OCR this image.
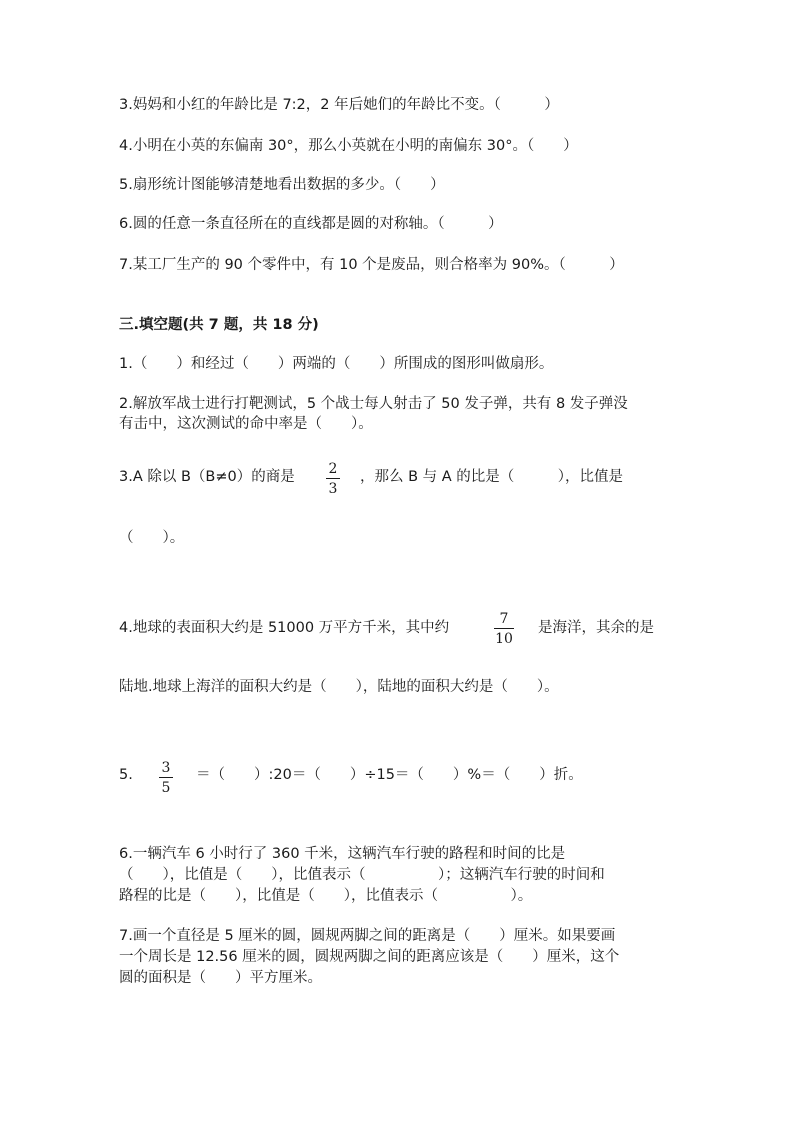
3.妈妈和小红的年龄比是 7:2，2 年后她们的年龄比不变。（　　　）
4.小明在小英的东偏南 30°，那么小英就在小明的南偏东 30°。（　　）
5.扇形统计图能够清楚地看出数据的多少。（　　）
6.圆的任意一条直径所在的直线都是圆的对称轴。（　　　）
7.某工厂生产的 90 个零件中，有 10 个是废品，则合格率为 90%。（　　　）
三.填空题(共 7 题，共 18 分)
1.（　　）和经过（　　）两端的（　　）所围成的图形叫做扇形。
2.解放军战士进行打靶测试，5 个战士每人射击了 50 发子弹，共有 8 发子弹没
有击中，这次测试的命中率是（　　）。
3.A 除以 B（B≠0）的商是 2
3
，那么 B 与 A 的比是（　　　），比值是
（　　）。
4.地球的表面积大约是 51000 万平方千米，其中约
7
10
是海洋，其余的是
陆地.地球上海洋的面积大约是（　　），陆地的面积大约是（　　）。
5. 3
5
＝（　　）:20＝（　　）÷15＝（　　）%＝（　　）折。
6.一辆汽车 6 小时行了 360 千米，这辆汽车行驶的路程和时间的比是
（　　），比值是（　　），比值表示（　　　　　）；这辆汽车行驶的时间和
路程的比是（　　），比值是（　　），比值表示（　　　　　）。
7.画一个直径是 5 厘米的圆，圆规两脚之间的距离是（　　）厘米。如果要画
一个周长是 12.56 厘米的圆，圆规两脚之间的距离应该是（　　）厘米，这个
圆的面积是（　　）平方厘米。
